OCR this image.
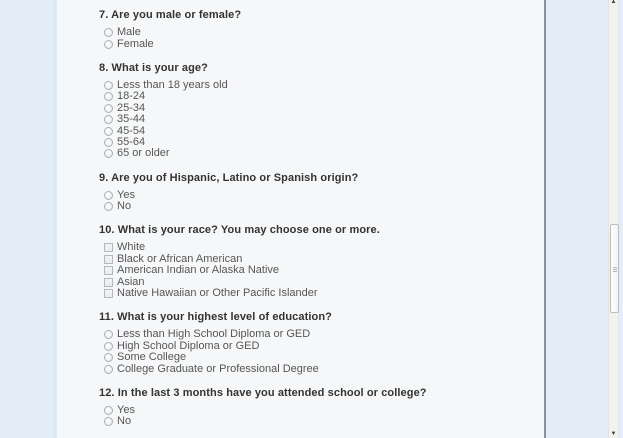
7. Are you male or female?
Male
Female
8. What is your age?
Less than 18 years old
18-24
25-34
35-44
45-54
55-64
65 or older
9. Are you of Hispanic, Latino or Spanish origin?
Yes
No
10. What is your race? You may choose one or more.
White
Black or African American
American Indian or Alaska Native
Asian
Native Hawaiian or Other Pacific Islander
11. What is your highest level of education?
Less than High School Diploma or GED
High School Diploma or GED
Some College
College Graduate or Professional Degree
12. In the last 3 months have you attended school or college?
Yes
No
▲
▼
